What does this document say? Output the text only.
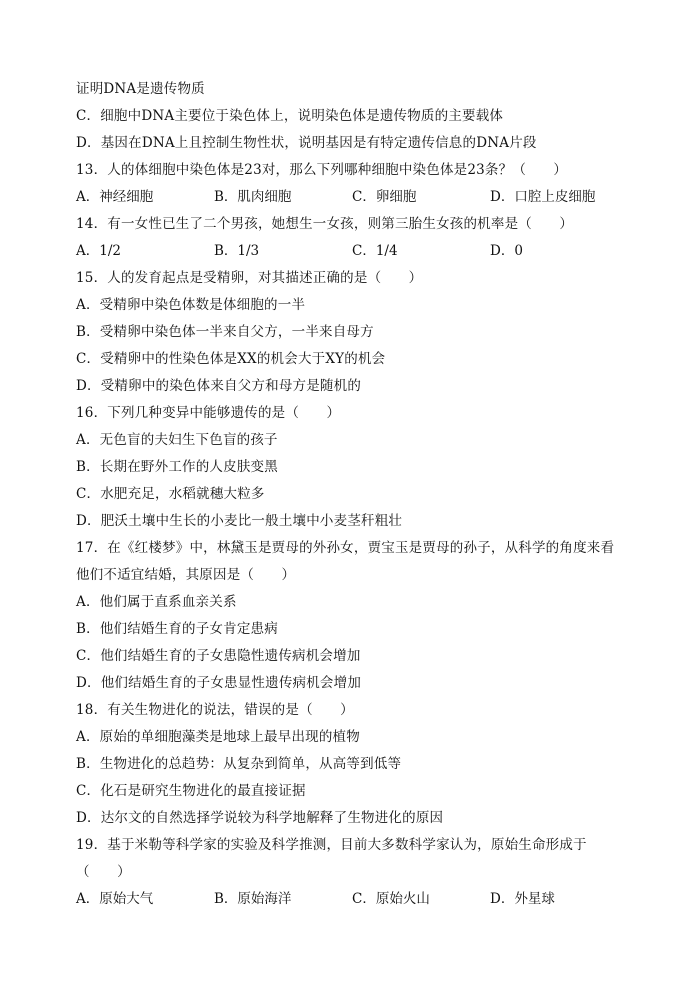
证明DNA是遗传物质
C．细胞中DNA主要位于染色体上，说明染色体是遗传物质的主要载体
D．基因在DNA上且控制生物性状，说明基因是有特定遗传信息的DNA片段
13．人的体细胞中染色体是23对，那么下列哪种细胞中染色体是23条？（　　）
A．神经细胞	B．肌肉细胞	C．卵细胞	D．口腔上皮细胞
14．有一女性已生了二个男孩，她想生一女孩，则第三胎生女孩的机率是（　　）
A．1/2	B．1/3	C．1/4	D．0
15．人的发育起点是受精卵，对其描述正确的是（　　）
A．受精卵中染色体数是体细胞的一半
B．受精卵中染色体一半来自父方，一半来自母方
C．受精卵中的性染色体是XX的机会大于XY的机会
D．受精卵中的染色体来自父方和母方是随机的
16．下列几种变异中能够遗传的是（　　）
A．无色盲的夫妇生下色盲的孩子
B．长期在野外工作的人皮肤变黑
C．水肥充足，水稻就穗大粒多
D．肥沃土壤中生长的小麦比一般土壤中小麦茎秆粗壮
17．在《红楼梦》中，林黛玉是贾母的外孙女，贾宝玉是贾母的孙子，从科学的角度来看
他们不适宜结婚，其原因是（　　）
A．他们属于直系血亲关系
B．他们结婚生育的子女肯定患病
C．他们结婚生育的子女患隐性遗传病机会增加
D．他们结婚生育的子女患显性遗传病机会增加
18．有关生物进化的说法，错误的是（　　）
A．原始的单细胞藻类是地球上最早出现的植物
B．生物进化的总趋势：从复杂到简单，从高等到低等
C．化石是研究生物进化的最直接证据
D．达尔文的自然选择学说较为科学地解释了生物进化的原因
19．基于米勒等科学家的实验及科学推测，目前大多数科学家认为，原始生命形成于
（　　）
A．原始大气	B．原始海洋	C．原始火山	D．外星球
